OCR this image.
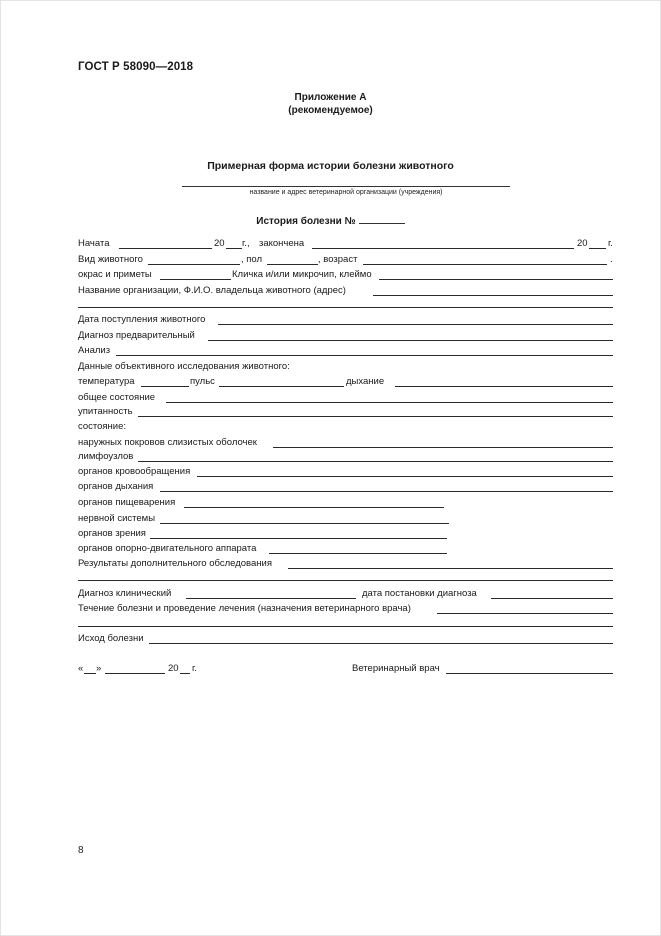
ГОСТ Р 58090—2018
Приложение А
(рекомендуемое)
Примерная форма истории болезни животного
название и адрес ветеринарной организации (учреждения)
История болезни №
Начата	20 г., закончена	20 г.
Вид животного	, пол	, возраст	.
окрас и приметы	Кличка и/или микрочип, клеймо
Название организации, Ф.И.О. владельца животного (адрес)
Дата поступления животного
Диагноз предварительный
Анализ
Данные объективного исследования животного:
температура	пульс	дыхание
общее состояние
упитанность
состояние:
наружных покровов слизистых оболочек
лимфоузлов
органов кровообращения
органов дыхания
органов пищеварения
нервной системы
органов зрения
органов опорно-двигательного аппарата
Результаты дополнительного обследования
Диагноз клинический	дата постановки диагноза
Течение болезни и проведение лечения (назначения ветеринарного врача)
Исход болезни
« »	20 г.	Ветеринарный врач
8
